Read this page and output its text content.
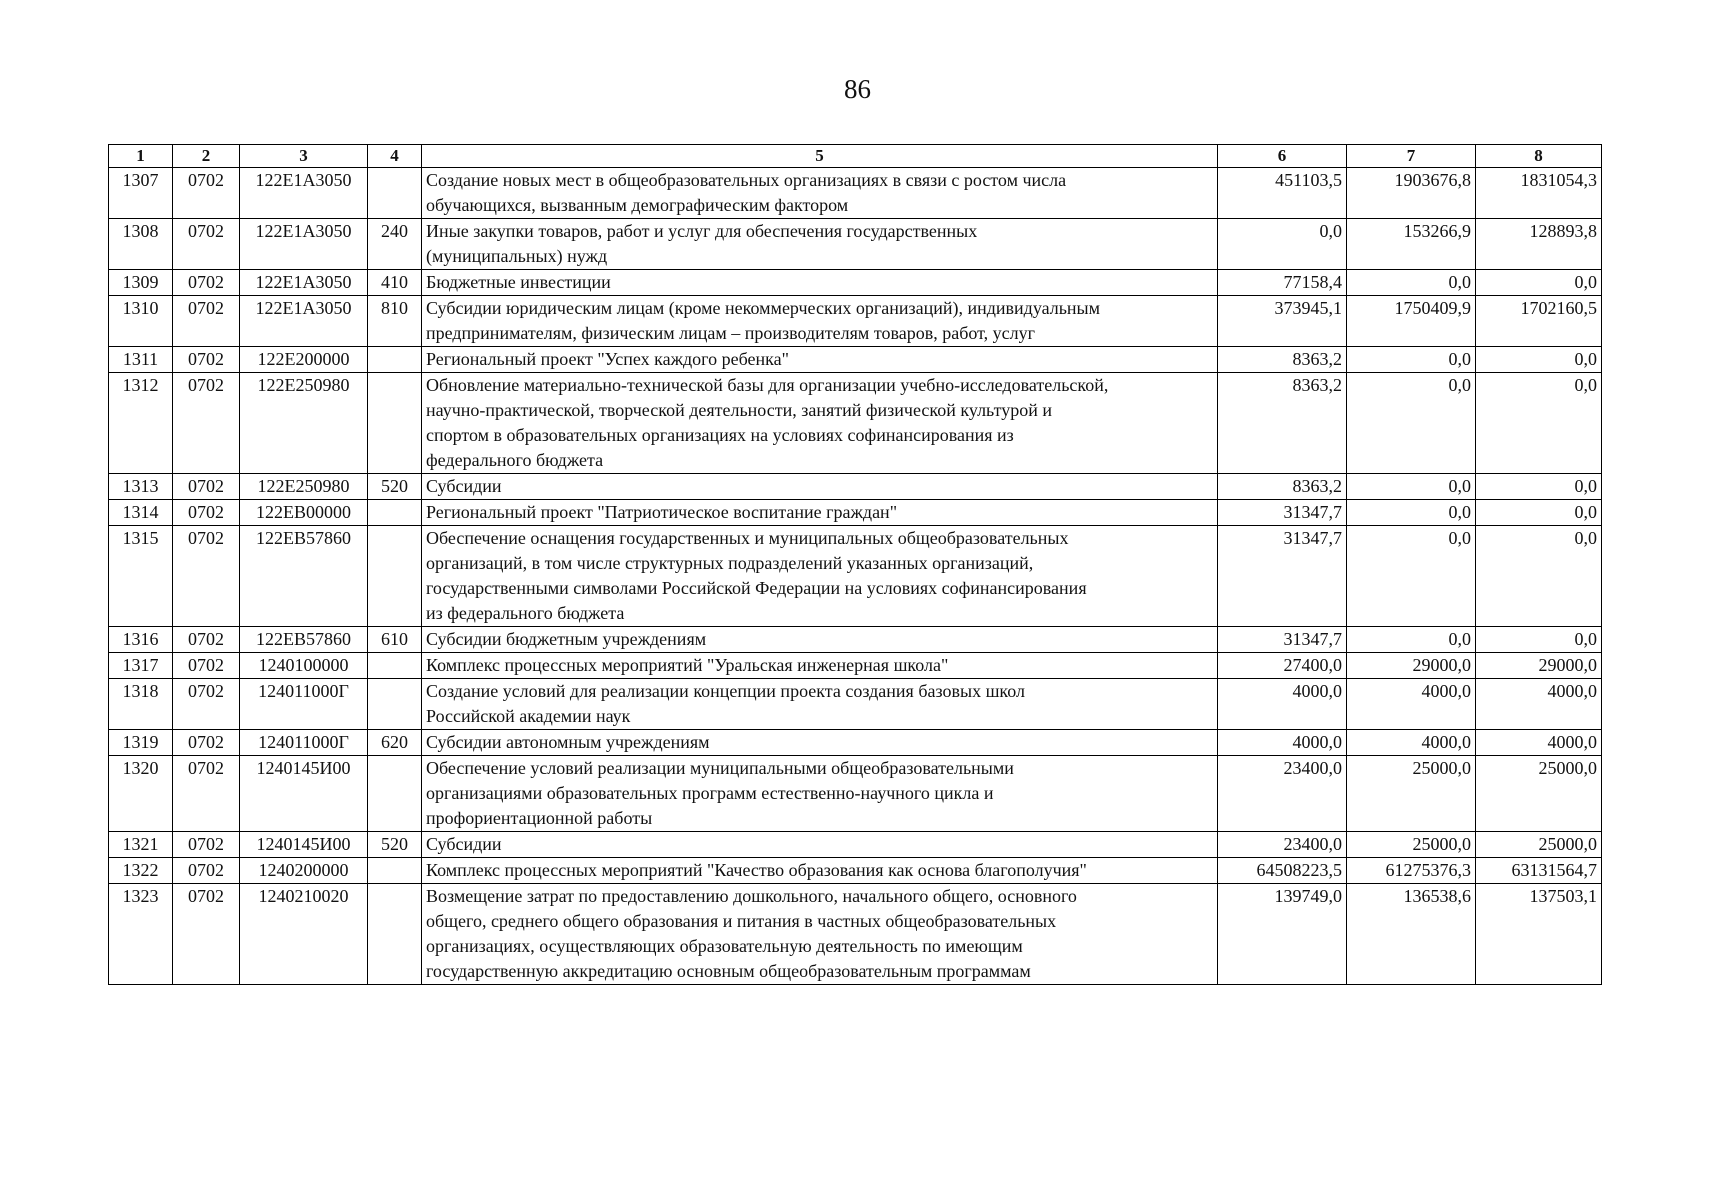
86
1	2	3	4	5	6	7	8
1307	0702	122E1A3050		Создание новых мест в общеобразовательных организациях в связи с ростом числа
обучающихся, вызванным демографическим фактором	451103,5	1903676,8	1831054,3
1308	0702	122E1A3050	240	Иные закупки товаров, работ и услуг для обеспечения государственных
(муниципальных) нужд	0,0	153266,9	128893,8
1309	0702	122E1A3050	410	Бюджетные инвестиции	77158,4	0,0	0,0
1310	0702	122E1A3050	810	Субсидии юридическим лицам (кроме некоммерческих организаций), индивидуальным
предпринимателям, физическим лицам – производителям товаров, работ, услуг	373945,1	1750409,9	1702160,5
1311	0702	122E200000		Региональный проект "Успех каждого ребенка"	8363,2	0,0	0,0
1312	0702	122E250980		Обновление материально-технической базы для организации учебно-исследовательской,
научно-практической, творческой деятельности, занятий физической культурой и
спортом в образовательных организациях на условиях софинансирования из
федерального бюджета	8363,2	0,0	0,0
1313	0702	122E250980	520	Субсидии	8363,2	0,0	0,0
1314	0702	122EB00000		Региональный проект "Патриотическое воспитание граждан"	31347,7	0,0	0,0
1315	0702	122EB57860		Обеспечение оснащения государственных и муниципальных общеобразовательных
организаций, в том числе структурных подразделений указанных организаций,
государственными символами Российской Федерации на условиях софинансирования
из федерального бюджета	31347,7	0,0	0,0
1316	0702	122EB57860	610	Субсидии бюджетным учреждениям	31347,7	0,0	0,0
1317	0702	1240100000		Комплекс процессных мероприятий "Уральская инженерная школа"	27400,0	29000,0	29000,0
1318	0702	124011000Г		Создание условий для реализации концепции проекта создания базовых школ
Российской академии наук	4000,0	4000,0	4000,0
1319	0702	124011000Г	620	Субсидии автономным учреждениям	4000,0	4000,0	4000,0
1320	0702	1240145И00		Обеспечение условий реализации муниципальными общеобразовательными
организациями образовательных программ естественно-научного цикла и
профориентационной работы	23400,0	25000,0	25000,0
1321	0702	1240145И00	520	Субсидии	23400,0	25000,0	25000,0
1322	0702	1240200000		Комплекс процессных мероприятий "Качество образования как основа благополучия"	64508223,5	61275376,3	63131564,7
1323	0702	1240210020		Возмещение затрат по предоставлению дошкольного, начального общего, основного
общего, среднего общего образования и питания в частных общеобразовательных
организациях, осуществляющих образовательную деятельность по имеющим
государственную аккредитацию основным общеобразовательным программам	139749,0	136538,6	137503,1
